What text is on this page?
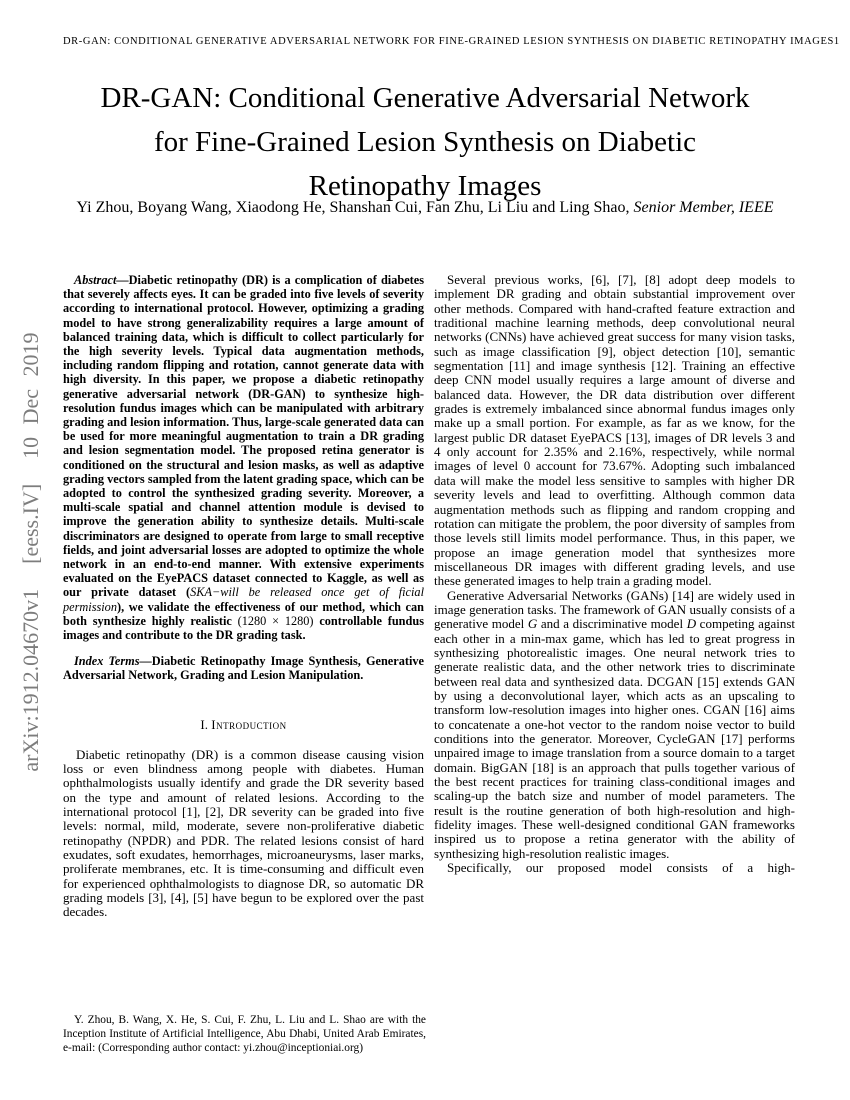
DR-GAN: CONDITIONAL GENERATIVE ADVERSARIAL NETWORK FOR FINE-GRAINED LESION SYNTHESIS ON DIABETIC RETINOPATHY IMAGES 1
arXiv:1912.04670v1  [eess.IV]  10 Dec 2019
DR-GAN: Conditional Generative Adversarial Network for Fine-Grained Lesion Synthesis on Diabetic Retinopathy Images
Yi Zhou, Boyang Wang, Xiaodong He, Shanshan Cui, Fan Zhu, Li Liu and Ling Shao, Senior Member, IEEE

Abstract—Diabetic retinopathy (DR) is a complication of diabetes that severely affects eyes. It can be graded into five levels of severity according to international protocol. However, optimizing a grading model to have strong generalizability requires a large amount of balanced training data, which is difficult to collect particularly for the high severity levels. Typical data augmentation methods, including random flipping and rotation, cannot generate data with high diversity. In this paper, we propose a diabetic retinopathy generative adversarial network (DR-GAN) to synthesize high-resolution fundus images which can be manipulated with arbitrary grading and lesion information. Thus, large-scale generated data can be used for more meaningful augmentation to train a DR grading and lesion segmentation model. The proposed retina generator is conditioned on the structural and lesion masks, as well as adaptive grading vectors sampled from the latent grading space, which can be adopted to control the synthesized grading severity. Moreover, a multi-scale spatial and channel attention module is devised to improve the generation ability to synthesize details. Multi-scale discriminators are designed to operate from large to small receptive fields, and joint adversarial losses are adopted to optimize the whole network in an end-to-end manner. With extensive experiments evaluated on the EyePACS dataset connected to Kaggle, as well as our private dataset (SKA−will be released once get of ficial permission), we validate the effectiveness of our method, which can both synthesize highly realistic (1280 × 1280) controllable fundus images and contribute to the DR grading task.

Index Terms—Diabetic Retinopathy Image Synthesis, Generative Adversarial Network, Grading and Lesion Manipulation.

I. Introduction

Diabetic retinopathy (DR) is a common disease causing vision loss or even blindness among people with diabetes. Human ophthalmologists usually identify and grade the DR severity based on the type and amount of related lesions. According to the international protocol [1], [2], DR severity can be graded into five levels: normal, mild, moderate, severe non-proliferative diabetic retinopathy (NPDR) and PDR. The related lesions consist of hard exudates, soft exudates, hemorrhages, microaneurysms, laser marks, proliferate membranes, etc. It is time-consuming and difficult even for experienced ophthalmologists to diagnose DR, so automatic DR grading models [3], [4], [5] have begun to be explored over the past decades.

Several previous works, [6], [7], [8] adopt deep models to implement DR grading and obtain substantial improvement over other methods. Compared with hand-crafted feature extraction and traditional machine learning methods, deep convolutional neural networks (CNNs) have achieved great success for many vision tasks, such as image classification [9], object detection [10], semantic segmentation [11] and image synthesis [12]. Training an effective deep CNN model usually requires a large amount of diverse and balanced data. However, the DR data distribution over different grades is extremely imbalanced since abnormal fundus images only make up a small portion. For example, as far as we know, for the largest public DR dataset EyePACS [13], images of DR levels 3 and 4 only account for 2.35% and 2.16%, respectively, while normal images of level 0 account for 73.67%. Adopting such imbalanced data will make the model less sensitive to samples with higher DR severity levels and lead to overfitting. Although common data augmentation methods such as flipping and random cropping and rotation can mitigate the problem, the poor diversity of samples from those levels still limits model performance. Thus, in this paper, we propose an image generation model that synthesizes more miscellaneous DR images with different grading levels, and use these generated images to help train a grading model.

Generative Adversarial Networks (GANs) [14] are widely used in image generation tasks. The framework of GAN usually consists of a generative model G and a discriminative model D competing against each other in a min-max game, which has led to great progress in synthesizing photorealistic images. One neural network tries to generate realistic data, and the other network tries to discriminate between real data and synthesized data. DCGAN [15] extends GAN by using a deconvolutional layer, which acts as an upscaling to transform low-resolution images into higher ones. CGAN [16] aims to concatenate a one-hot vector to the random noise vector to build conditions into the generator. Moreover, CycleGAN [17] performs unpaired image to image translation from a source domain to a target domain. BigGAN [18] is an approach that pulls together various of the best recent practices for training class-conditional images and scaling-up the batch size and number of model parameters. The result is the routine generation of both high-resolution and high-fidelity images. These well-designed conditional GAN frameworks inspired us to propose a retina generator with the ability of synthesizing high-resolution realistic images.

Specifically, our proposed model consists of a high-

Y. Zhou, B. Wang, X. He, S. Cui, F. Zhu, L. Liu and L. Shao are with the Inception Institute of Artificial Intelligence, Abu Dhabi, United Arab Emirates, e-mail: (Corresponding author contact: yi.zhou@inceptioniai.org)
